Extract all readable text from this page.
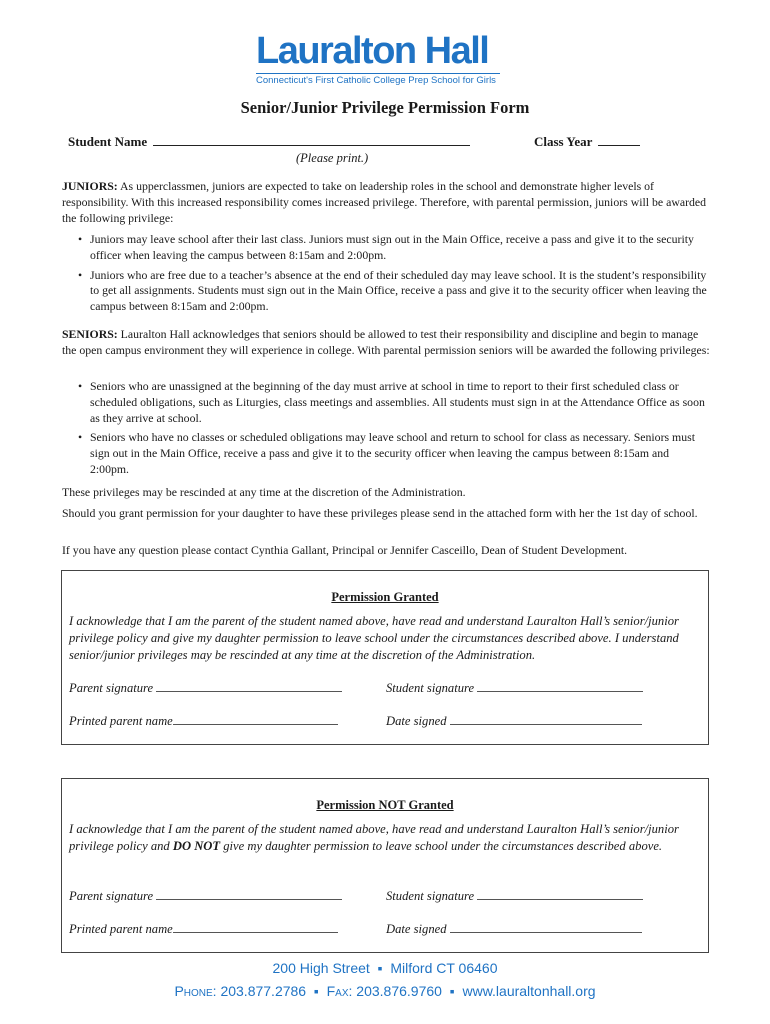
Lauralton Hall
Connecticut's First Catholic College Prep School for Girls
Senior/Junior Privilege Permission Form
Student Name	Class Year
(Please print.)

JUNIORS: As upperclassmen, juniors are expected to take on leadership roles in the school and demonstrate higher levels of responsibility. With this increased responsibility comes increased privilege. Therefore, with parental permission, juniors will be awarded the following privilege:

• Juniors may leave school after their last class. Juniors must sign out in the Main Office, receive a pass and give it to the security officer when leaving the campus between 8:15am and 2:00pm.
• Juniors who are free due to a teacher’s absence at the end of their scheduled day may leave school. It is the student’s responsibility to get all assignments. Students must sign out in the Main Office, receive a pass and give it to the security officer when leaving the campus between 8:15am and 2:00pm.

SENIORS: Lauralton Hall acknowledges that seniors should be allowed to test their responsibility and discipline and begin to manage the open campus environment they will experience in college. With parental permission seniors will be awarded the following privileges:

• Seniors who are unassigned at the beginning of the day must arrive at school in time to report to their first scheduled class or scheduled obligations, such as Liturgies, class meetings and assemblies. All students must sign in at the Attendance Office as soon as they arrive at school.
• Seniors who have no classes or scheduled obligations may leave school and return to school for class as necessary. Seniors must sign out in the Main Office, receive a pass and give it to the security officer when leaving the campus between 8:15am and 2:00pm.

These privileges may be rescinded at any time at the discretion of the Administration.

Should you grant permission for your daughter to have these privileges please send in the attached form with her the 1st day of school.

If you have any question please contact Cynthia Gallant, Principal or Jennifer Casceillo, Dean of Student Development.

Permission Granted

I acknowledge that I am the parent of the student named above, have read and understand Lauralton Hall’s senior/junior privilege policy and give my daughter permission to leave school under the circumstances described above. I understand senior/junior privileges may be rescinded at any time at the discretion of the Administration.

Parent signature	Student signature
Printed parent name	Date signed
Permission NOT Granted

I acknowledge that I am the parent of the student named above, have read and understand Lauralton Hall’s senior/junior privilege policy and DO NOT give my daughter permission to leave school under the circumstances described above.

Parent signature	Student signature
Printed parent name	Date signed
200 High Street ▪ Milford CT 06460
Phone: 203.877.2786 ▪ Fax: 203.876.9760 ▪ www.lauraltonhall.org
